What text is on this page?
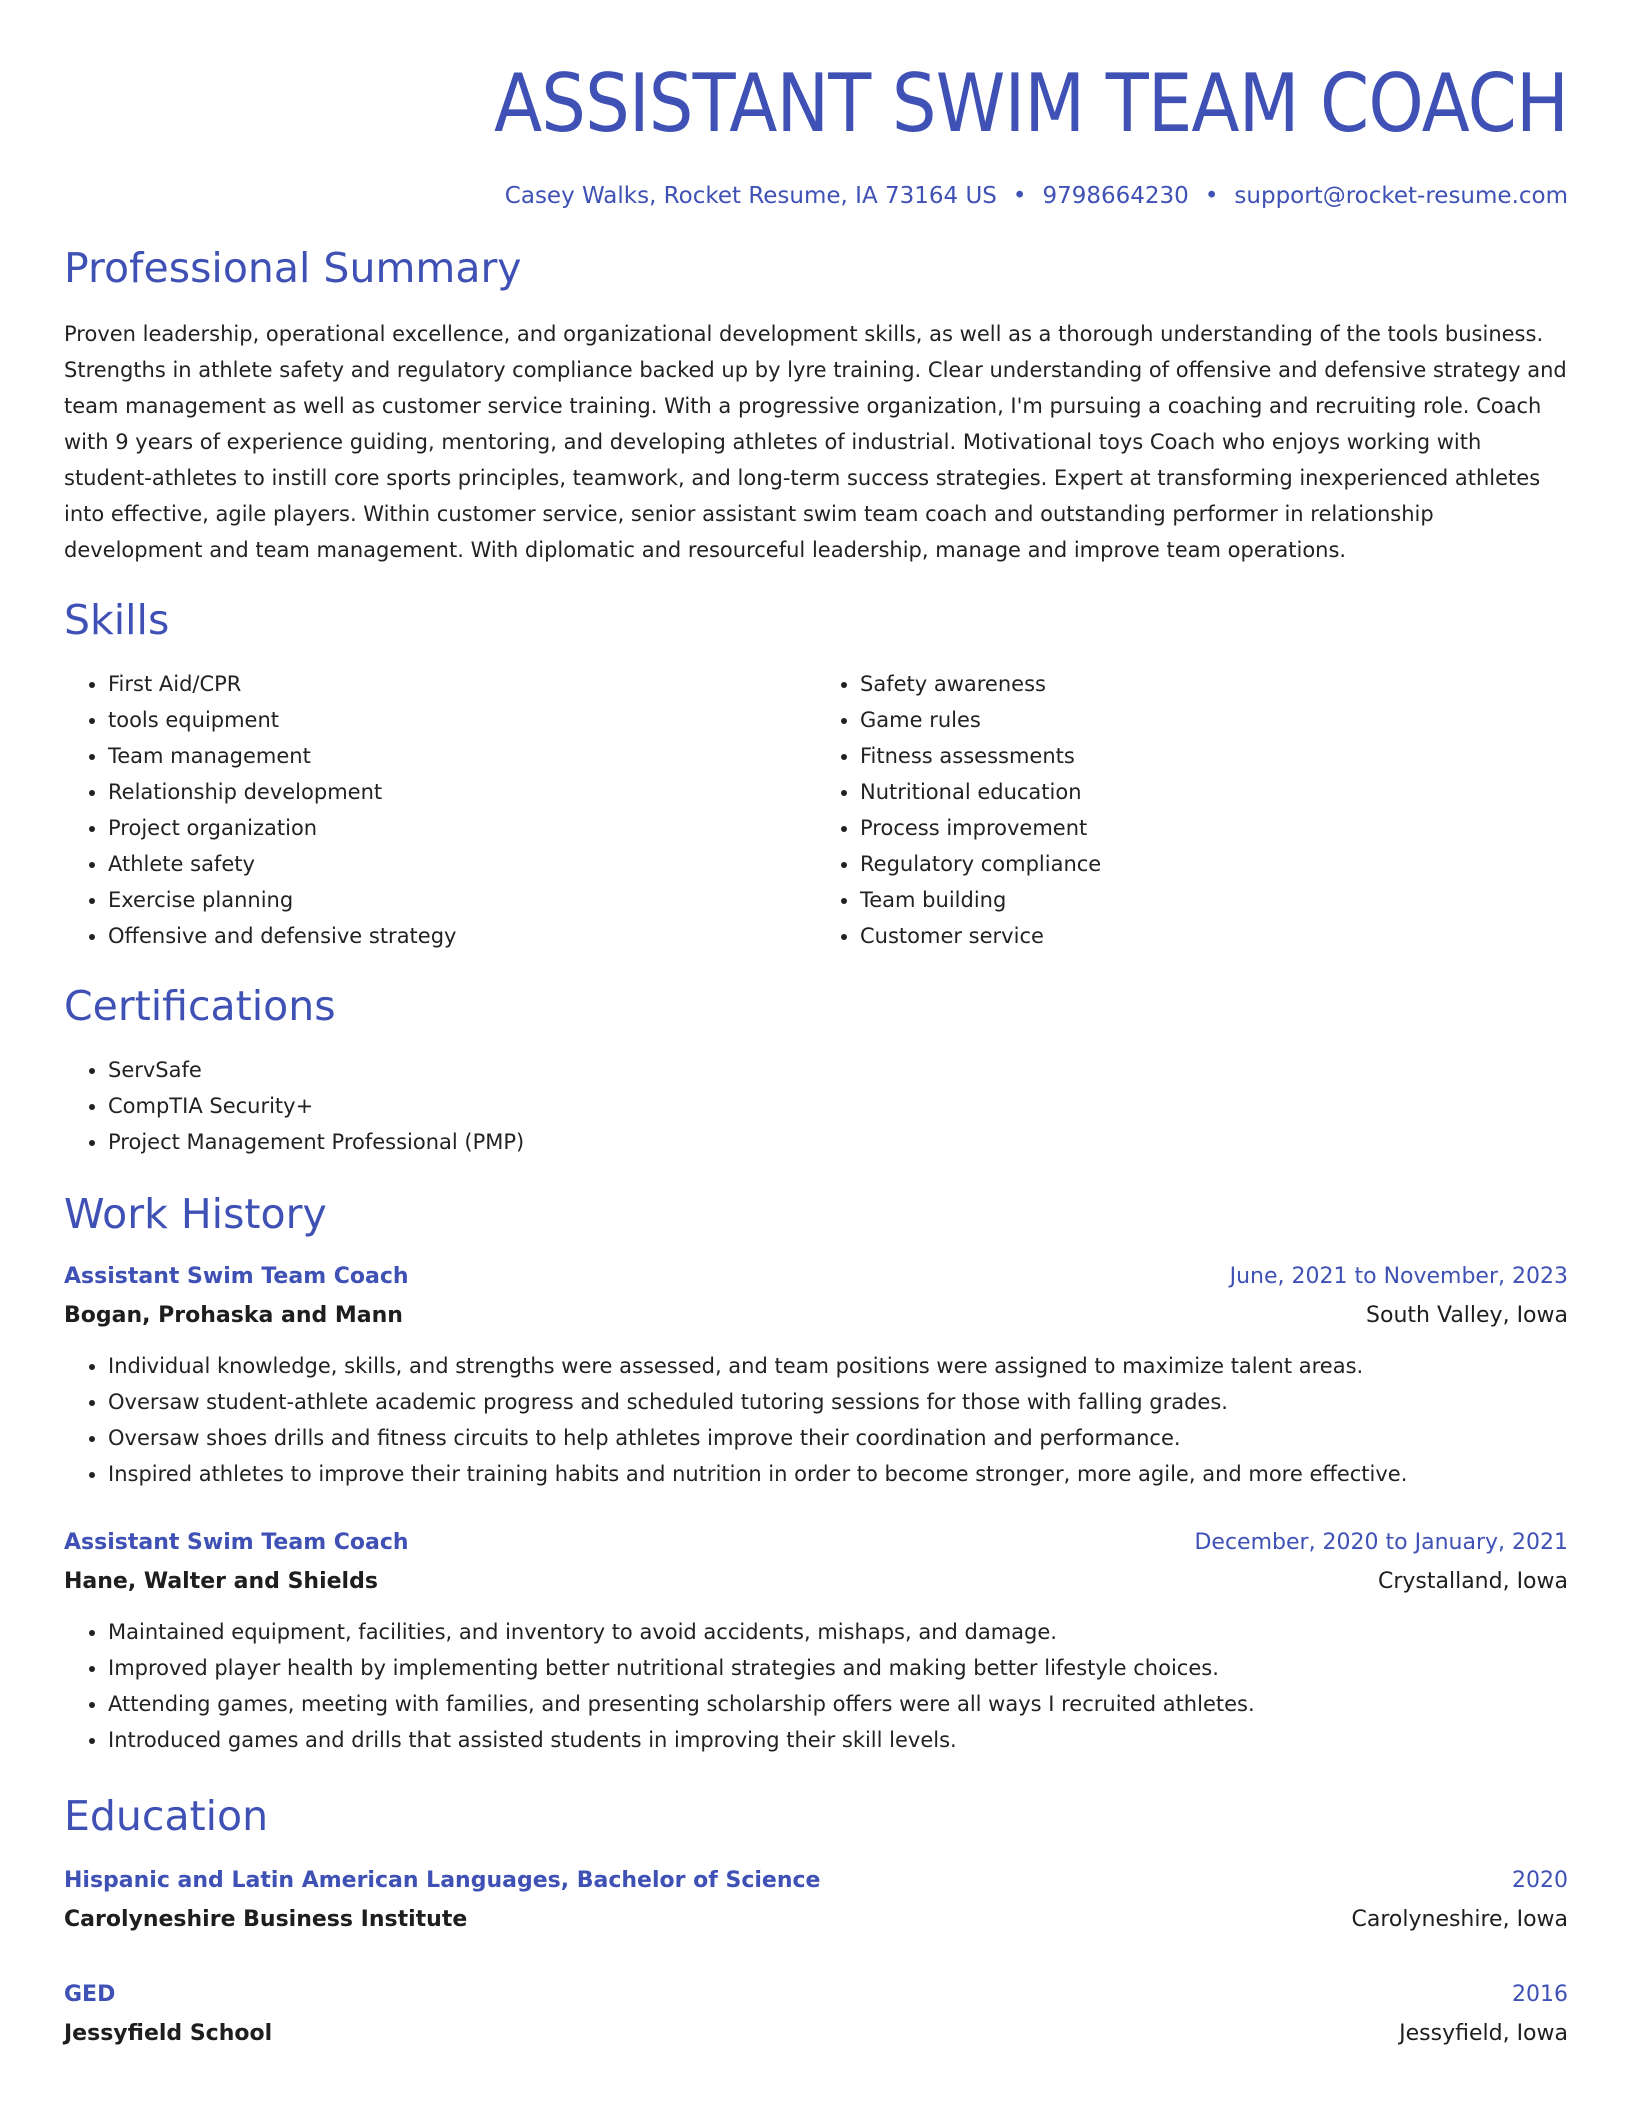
ASSISTANT SWIM TEAM COACH
Casey Walks, Rocket Resume, IA 73164 US • 9798664230 • support@rocket-resume.com
Professional Summary
Proven leadership, operational excellence, and organizational development skills, as well as a thorough understanding of the tools business.
Strengths in athlete safety and regulatory compliance backed up by lyre training. Clear understanding of offensive and defensive strategy and
team management as well as customer service training. With a progressive organization, I'm pursuing a coaching and recruiting role. Coach
with 9 years of experience guiding, mentoring, and developing athletes of industrial. Motivational toys Coach who enjoys working with
student-athletes to instill core sports principles, teamwork, and long-term success strategies. Expert at transforming inexperienced athletes
into effective, agile players. Within customer service, senior assistant swim team coach and outstanding performer in relationship
development and team management. With diplomatic and resourceful leadership, manage and improve team operations.
Skills
• First Aid/CPR
• tools equipment
• Team management
• Relationship development
• Project organization
• Athlete safety
• Exercise planning
• Offensive and defensive strategy
• Safety awareness
• Game rules
• Fitness assessments
• Nutritional education
• Process improvement
• Regulatory compliance
• Team building
• Customer service
Certifications
• ServSafe
• CompTIA Security+
• Project Management Professional (PMP)
Work History
Assistant Swim Team Coach	June, 2021 to November, 2023
Bogan, Prohaska and Mann	South Valley, Iowa
• Individual knowledge, skills, and strengths were assessed, and team positions were assigned to maximize talent areas.
• Oversaw student-athlete academic progress and scheduled tutoring sessions for those with falling grades.
• Oversaw shoes drills and fitness circuits to help athletes improve their coordination and performance.
• Inspired athletes to improve their training habits and nutrition in order to become stronger, more agile, and more effective.
Assistant Swim Team Coach	December, 2020 to January, 2021
Hane, Walter and Shields	Crystalland, Iowa
• Maintained equipment, facilities, and inventory to avoid accidents, mishaps, and damage.
• Improved player health by implementing better nutritional strategies and making better lifestyle choices.
• Attending games, meeting with families, and presenting scholarship offers were all ways I recruited athletes.
• Introduced games and drills that assisted students in improving their skill levels.
Education
Hispanic and Latin American Languages, Bachelor of Science	2020
Carolyneshire Business Institute	Carolyneshire, Iowa
GED	2016
Jessyfield School	Jessyfield, Iowa
